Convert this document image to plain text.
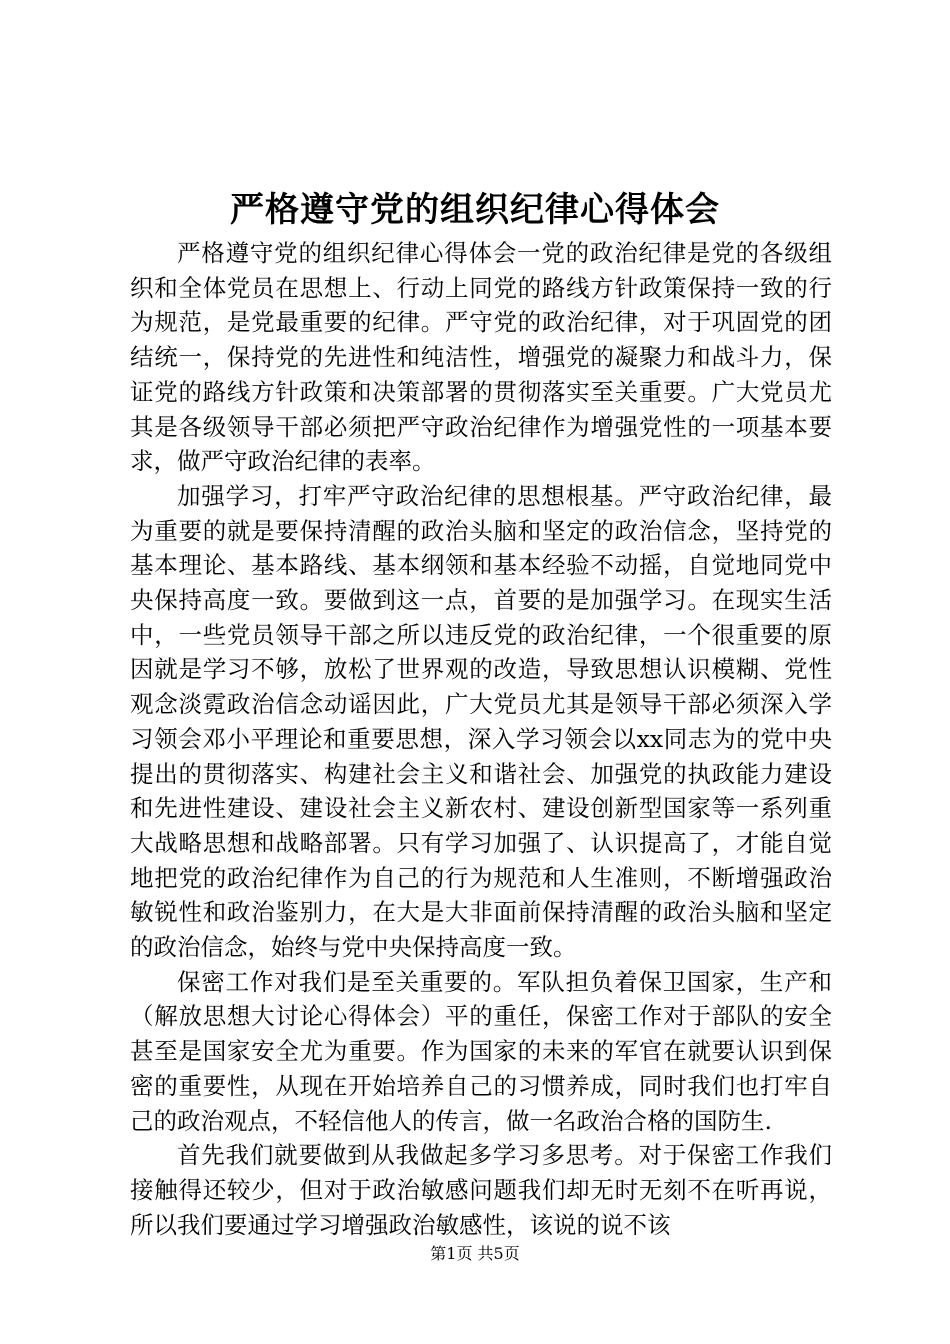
严格遵守党的组织纪律心得体会

严格遵守党的组织纪律心得体会一党的政治纪律是党的各级组织和全体党员在思想上、行动上同党的路线方针政策保持一致的行为规范，是党最重要的纪律。严守党的政治纪律，对于巩固党的团结统一，保持党的先进性和纯洁性，增强党的凝聚力和战斗力，保证党的路线方针政策和决策部署的贯彻落实至关重要。广大党员尤其是各级领导干部必须把严守政治纪律作为增强党性的一项基本要求，做严守政治纪律的表率。

加强学习，打牢严守政治纪律的思想根基。严守政治纪律，最为重要的就是要保持清醒的政治头脑和坚定的政治信念，坚持党的基本理论、基本路线、基本纲领和基本经验不动摇，自觉地同党中央保持高度一致。要做到这一点，首要的是加强学习。在现实生活中，一些党员领导干部之所以违反党的政治纪律，一个很重要的原因就是学习不够，放松了世界观的改造，导致思想认识模糊、党性观念淡霓政治信念动谣因此，广大党员尤其是领导干部必须深入学习领会邓小平理论和重要思想，深入学习领会以xx同志为的党中央提出的贯彻落实、构建社会主义和谐社会、加强党的执政能力建设和先进性建设、建设社会主义新农村、建设创新型国家等一系列重大战略思想和战略部署。只有学习加强了、认识提高了，才能自觉地把党的政治纪律作为自己的行为规范和人生准则，不断增强政治敏锐性和政治鉴别力，在大是大非面前保持清醒的政治头脑和坚定的政治信念，始终与党中央保持高度一致。

保密工作对我们是至关重要的。军队担负着保卫国家，生产和（解放思想大讨论心得体会）平的重任，保密工作对于部队的安全甚至是国家安全尤为重要。作为国家的未来的军官在就要认识到保密的重要性，从现在开始培养自己的习惯养成，同时我们也打牢自己的政治观点，不轻信他人的传言，做一名政治合格的国防生.

首先我们就要做到从我做起多学习多思考。对于保密工作我们接触得还较少，但对于政治敏感问题我们却无时无刻不在听再说，所以我们要通过学习增强政治敏感性，该说的说不该

第1页 共5页
